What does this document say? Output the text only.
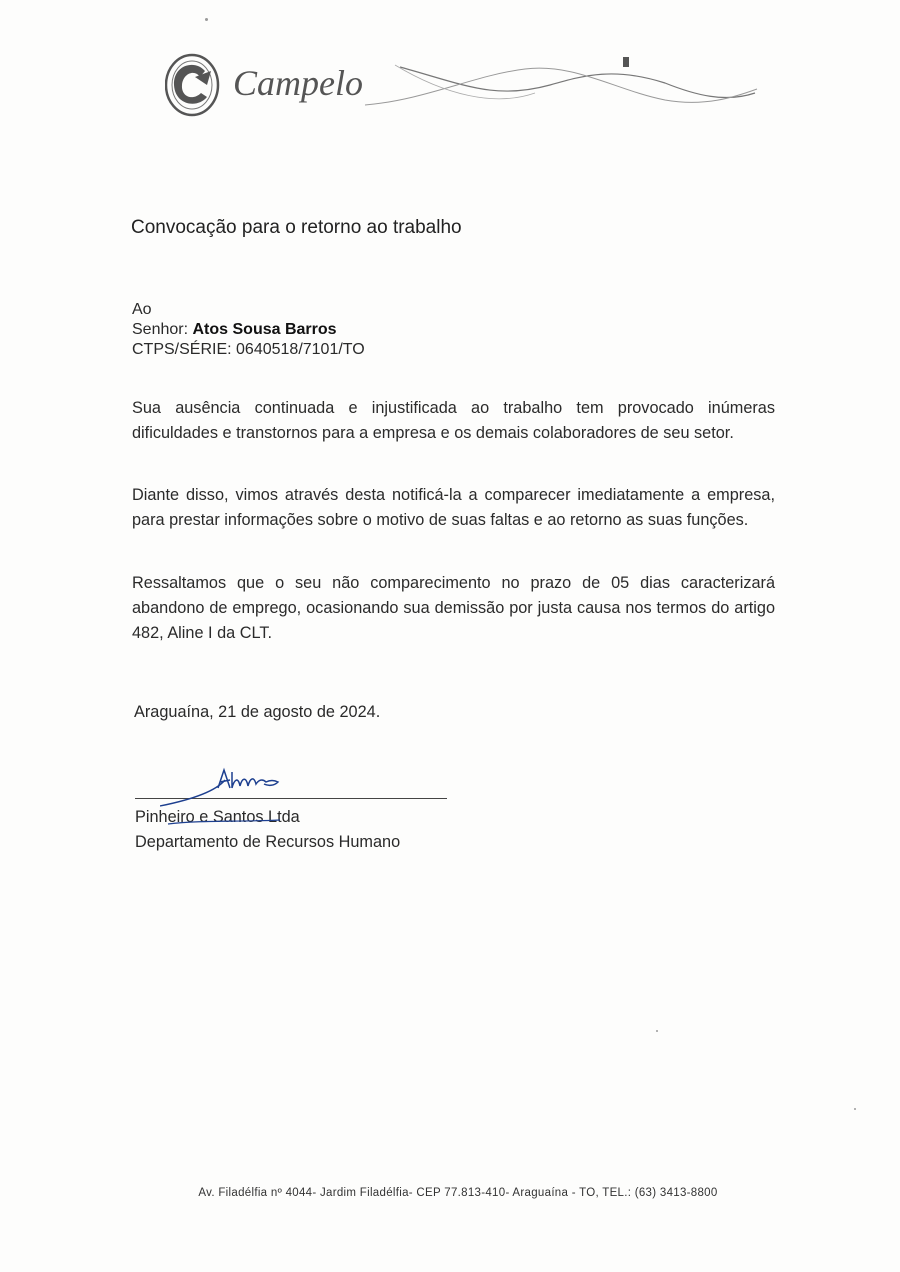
Campelo
Convocação para o retorno ao trabalho
Ao
Senhor: Atos Sousa Barros
CTPS/SÉRIE: 0640518/7101/TO
Sua ausência continuada e injustificada ao trabalho tem provocado inúmeras dificuldades e transtornos para a empresa e os demais colaboradores de seu setor.
Diante disso, vimos através desta notificá-la a comparecer imediatamente a empresa, para prestar informações sobre o motivo de suas faltas e ao retorno as suas funções.
Ressaltamos que o seu não comparecimento no prazo de 05 dias caracterizará abandono de emprego, ocasionando sua demissão por justa causa nos termos do artigo 482, Aline I da CLT.
Araguaína, 21 de agosto de 2024.
Pinheiro e Santos Ltda
Departamento de Recursos Humano
Av. Filadélfia nº 4044- Jardim Filadélfia- CEP 77.813-410- Araguaína - TO, TEL.: (63) 3413-8800
